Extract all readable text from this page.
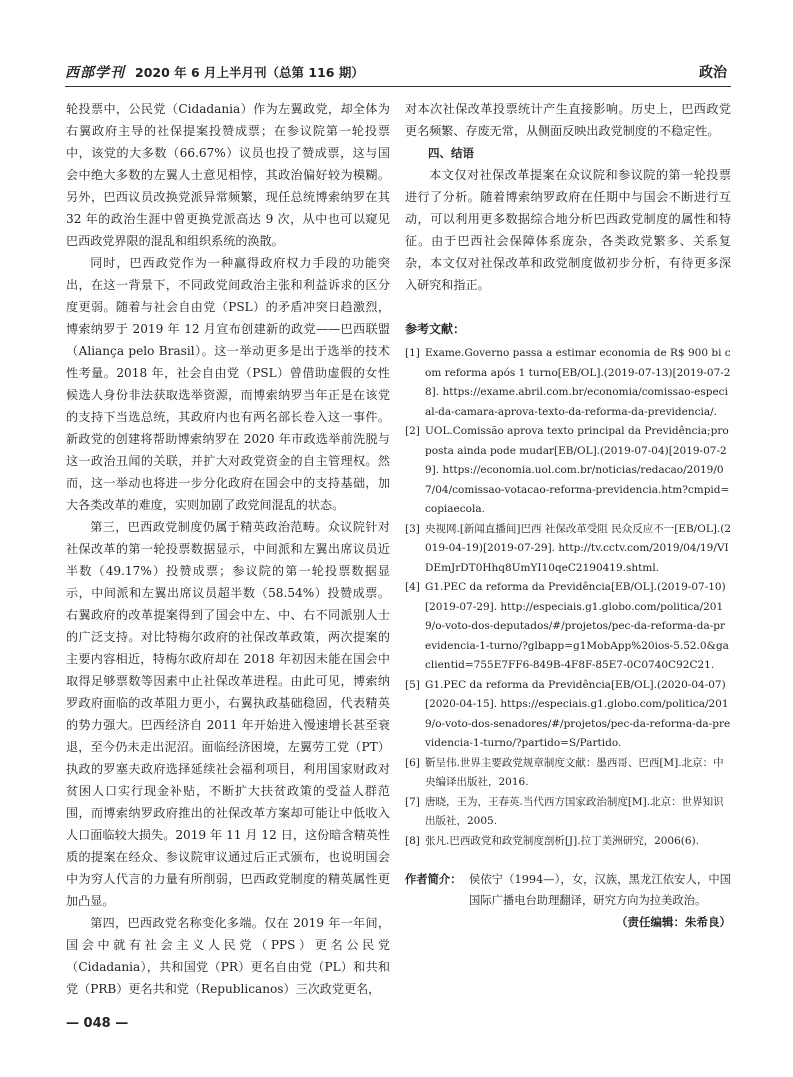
西部学刊 2020 年 6 月上半月刊（总第 116 期）	政治

轮投票中，公民党（Cidadania）作为左翼政党，却全体为右翼政府主导的社保提案投赞成票；在参议院第一轮投票中，该党的大多数（66.67%）议员也投了赞成票，这与国会中绝大多数的左翼人士意见相悖，其政治偏好较为模糊。另外，巴西议员改换党派异常频繁，现任总统博索纳罗在其 32 年的政治生涯中曾更换党派高达 9 次，从中也可以窥见巴西政党界限的混乱和组织系统的涣散。

同时，巴西政党作为一种赢得政府权力手段的功能突出，在这一背景下，不同政党间政治主张和利益诉求的区分度更弱。随着与社会自由党（PSL）的矛盾冲突日趋激烈，博索纳罗于 2019 年 12 月宣布创建新的政党——巴西联盟（Aliança pelo Brasil）。这一举动更多是出于选举的技术性考量。2018 年，社会自由党（PSL）曾借助虚假的女性候选人身份非法获取选举资源，而博索纳罗当年正是在该党的支持下当选总统，其政府内也有两名部长卷入这一事件。新政党的创建将帮助博索纳罗在 2020 年市政选举前洗脱与这一政治丑闻的关联，并扩大对政党资金的自主管理权。然而，这一举动也将进一步分化政府在国会中的支持基础，加大各类改革的难度，实则加剧了政党间混乱的状态。

第三，巴西政党制度仍属于精英政治范畴。众议院针对社保改革的第一轮投票数据显示，中间派和左翼出席议员近半数（49.17%）投赞成票；参议院的第一轮投票数据显示，中间派和左翼出席议员超半数（58.54%）投赞成票。右翼政府的改革提案得到了国会中左、中、右不同派别人士的广泛支持。对比特梅尔政府的社保改革政策，两次提案的主要内容相近，特梅尔政府却在 2018 年初因未能在国会中取得足够票数等因素中止社保改革进程。由此可见，博索纳罗政府面临的改革阻力更小，右翼执政基础稳固，代表精英的势力强大。巴西经济自 2011 年开始进入慢速增长甚至衰退，至今仍未走出泥沼。面临经济困境，左翼劳工党（PT）执政的罗塞夫政府选择延续社会福利项目，利用国家财政对贫困人口实行现金补贴，不断扩大扶贫政策的受益人群范围，而博索纳罗政府推出的社保改革方案却可能让中低收入人口面临较大损失。2019 年 11 月 12 日，这份暗含精英性质的提案在经众、参议院审议通过后正式颁布，也说明国会中为穷人代言的力量有所削弱，巴西政党制度的精英属性更加凸显。

第四，巴西政党名称变化多端。仅在 2019 年一年间，国会中就有社会主义人民党（PPS）更名公民党（Cidadania），共和国党（PR）更名自由党（PL）和共和党（PRB）更名共和党（Republicanos）三次政党更名，

对本次社保改革投票统计产生直接影响。历史上，巴西政党更名频繁、存废无常，从侧面反映出政党制度的不稳定性。

四、结语

本文仅对社保改革提案在众议院和参议院的第一轮投票进行了分析。随着博索纳罗政府在任期中与国会不断进行互动，可以利用更多数据综合地分析巴西政党制度的属性和特征。由于巴西社会保障体系庞杂，各类政党繁多、关系复杂，本文仅对社保改革和政党制度做初步分析，有待更多深入研究和指正。

参考文献：
[1] Exame.Governo passa a estimar economia de R$ 900 bi com reforma após 1 turno[EB/OL].(2019-07-13)[2019-07-28]. https://exame.abril.com.br/economia/comissao-especial-da-camara-aprova-texto-da-reforma-da-previdencia/.
[2] UOL.Comissão aprova texto principal da Previdência;proposta ainda pode mudar[EB/OL].(2019-07-04)[2019-07-29]. https://economia.uol.com.br/noticias/redacao/2019/07/04/comissao-votacao-reforma-previdencia.htm?cmpid=copiaecola.
[3] 央视网.[新闻直播间]巴西 社保改革受阻 民众反应不一[EB/OL].(2019-04-19)[2019-07-29]. http://tv.cctv.com/2019/04/19/VIDEmJrDT0Hhq8UmYI10qeC2190419.shtml.
[4] G1.PEC da reforma da Previdência[EB/OL].(2019-07-10)[2019-07-29]. http://especiais.g1.globo.com/politica/2019/o-voto-dos-deputados/#/projetos/pec-da-reforma-da-previdencia-1-turno/?glbapp=g1MobApp%20ios-5.52.0&gaclientid=755E7FF6-849B-4F8F-85E7-0C0740C92C21.
[5] G1.PEC da reforma da Previdência[EB/OL].(2020-04-07)[2020-04-15]. https://especiais.g1.globo.com/politica/2019/o-voto-dos-senadores/#/projetos/pec-da-reforma-da-previdencia-1-turno/?partido=S/Partido.
[6] 靳呈伟.世界主要政党规章制度文献：墨西哥、巴西[M].北京：中央编译出版社，2016.
[7] 唐晓，王为，王春英.当代西方国家政治制度[M].北京：世界知识出版社，2005.
[8] 张凡.巴西政党和政党制度剖析[J].拉丁美洲研究，2006(6).
作者简介： 侯依宁（1994—），女，汉族，黑龙江依安人，中国国际广播电台助理翻译，研究方向为拉美政治。
（责任编辑：朱希良）
— 048 —
